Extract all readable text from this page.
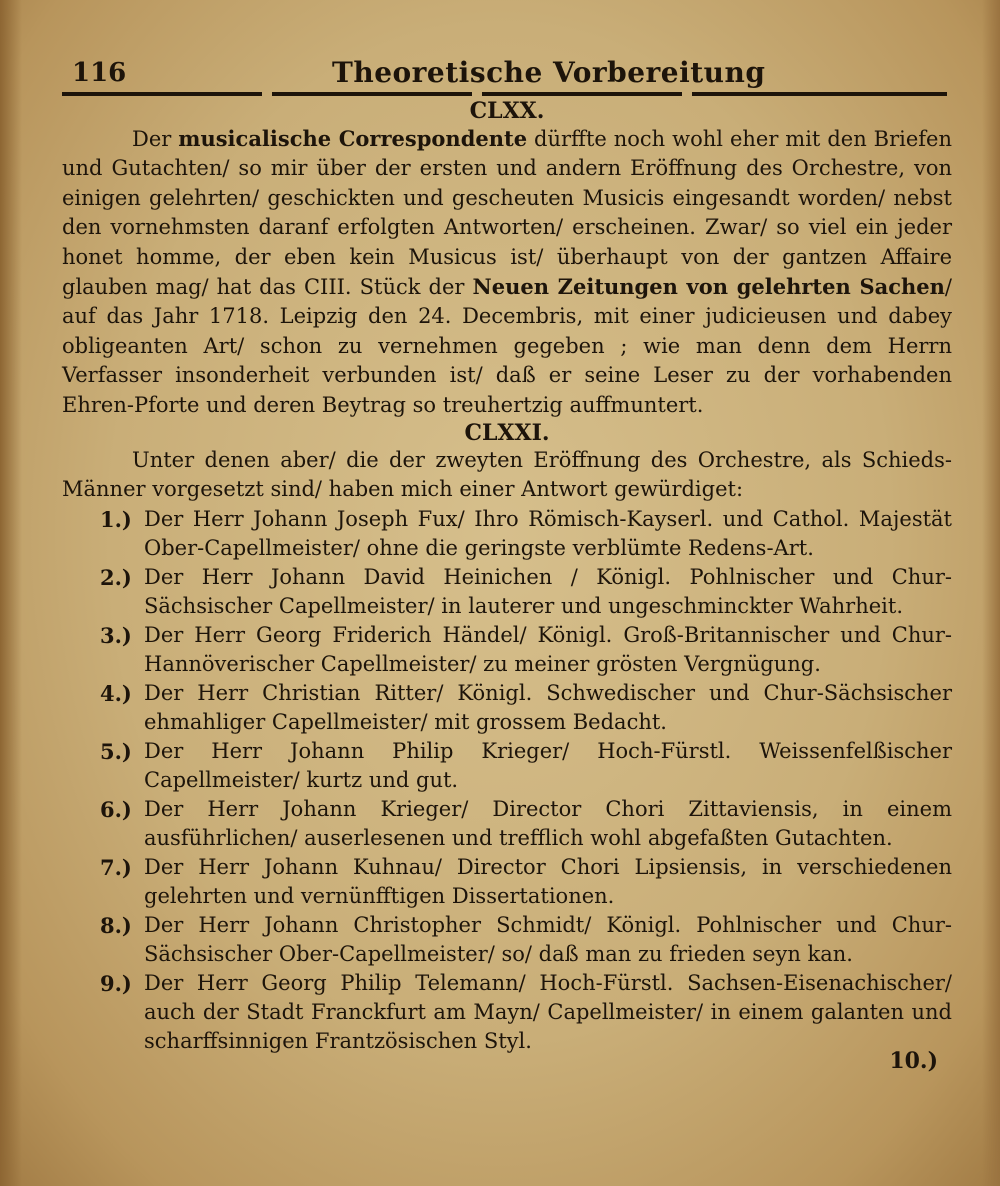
116	Theoretische Vorbereitung

CLXX.

Der musicalische Correspondente dürffte noch wohl eher mit den Briefen und Gutachten/ so mir über der ersten und andern Eröffnung des Orchestre, von einigen gelehrten/ geschickten und gescheuten Musicis eingesandt worden/ nebst den vornehmsten daranf erfolgten Antworten/ erscheinen. Zwar/ so viel ein jeder honet homme, der eben kein Musicus ist/ überhaupt von der gantzen Affaire glauben mag/ hat das CIII. Stück der Neuen Zeitungen von gelehrten Sachen/ auf das Jahr 1718. Leipzig den 24. Decembris, mit einer judicieusen und dabey obligeanten Art/ schon zu vernehmen gegeben ; wie man denn dem Herrn Verfasser insonderheit verbunden ist/ daß er seine Leser zu der vorhabenden Ehren-Pforte und deren Beytrag so treuhertzig auffmuntert.

CLXXI.

Unter denen aber/ die der zweyten Eröffnung des Orchestre, als Schieds-Männer vorgesetzt sind/ haben mich einer Antwort gewürdiget:

1.) Der Herr Johann Joseph Fux/ Ihro Römisch-Kayserl. und Cathol. Majestät Ober-Capellmeister/ ohne die geringste verblümte Redens-Art.
2.) Der Herr Johann David Heinichen / Königl. Pohlnischer und Chur-Sächsischer Capellmeister/ in lauterer und ungeschminckter Wahrheit.
3.) Der Herr Georg Friderich Händel/ Königl. Groß-Britannischer und Chur-Hannöverischer Capellmeister/ zu meiner grösten Vergnügung.
4.) Der Herr Christian Ritter/ Königl. Schwedischer und Chur-Sächsischer ehmahliger Capellmeister/ mit grossem Bedacht.
5.) Der Herr Johann Philip Krieger/ Hoch-Fürstl. Weissenfelßischer Capellmeister/ kurtz und gut.
6.) Der Herr Johann Krieger/ Director Chori Zittaviensis, in einem ausführlichen/ auserlesenen und trefflich wohl abgefaßten Gutachten.
7.) Der Herr Johann Kuhnau/ Director Chori Lipsiensis, in verschiedenen gelehrten und vernünfftigen Dissertationen.
8.) Der Herr Johann Christopher Schmidt/ Königl. Pohlnischer und Chur-Sächsischer Ober-Capellmeister/ so/ daß man zu frieden seyn kan.
9.) Der Herr Georg Philip Telemann/ Hoch-Fürstl. Sachsen-Eisenachischer/ auch der Stadt Franckfurt am Mayn/ Capellmeister/ in einem galanten und scharffsinnigen Frantzösischen Styl.
10.)
